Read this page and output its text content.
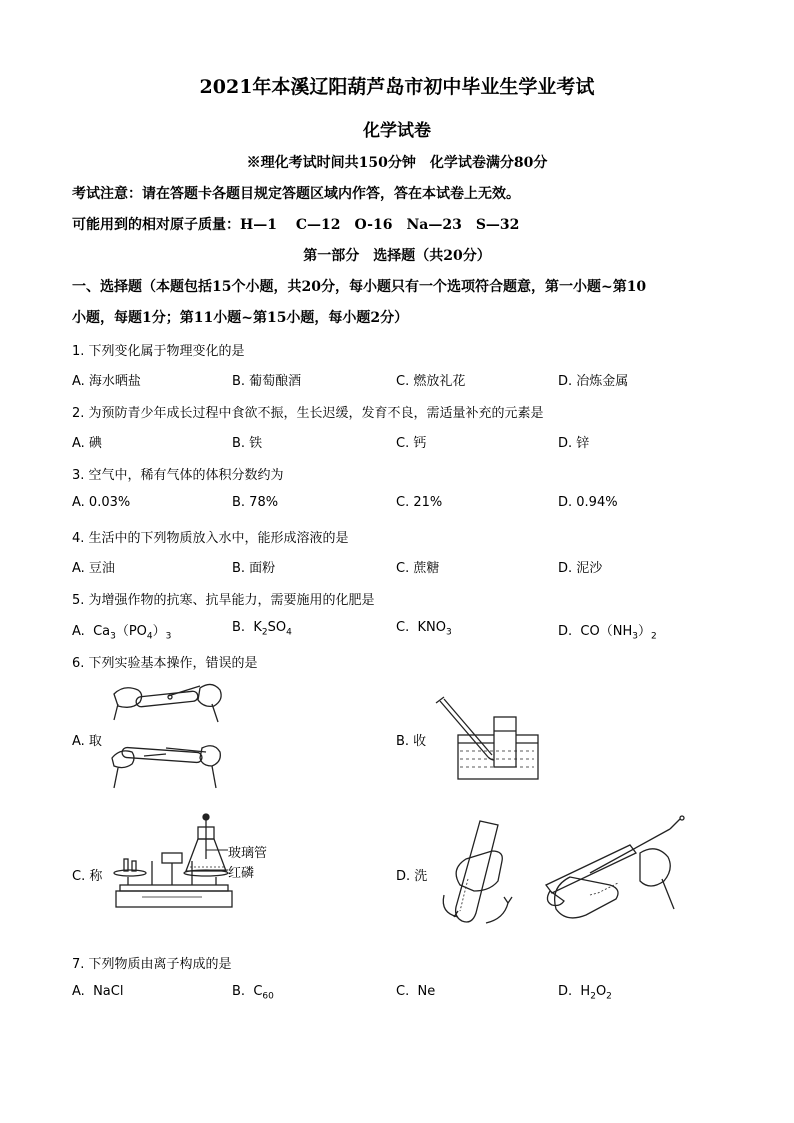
2021年本溪辽阳葫芦岛市初中毕业生学业考试
化学试卷
※理化考试时间共150分钟　化学试卷满分80分
考试注意：请在答题卡各题目规定答题区域内作答，答在本试卷上无效。
可能用到的相对原子质量：H—1　 C—12　O-16　Na—23　S—32
第一部分　选择题（共20分）
一、选择题（本题包括15个小题，共20分，每小题只有一个选项符合题意，第一小题~第10
小题，每题1分；第11小题~第15小题，每小题2分）
1. 下列变化属于物理变化的是
A. 海水晒盐	B. 葡萄酿酒	C. 燃放礼花	D. 冶炼金属
2. 为预防青少年成长过程中食欲不振，生长迟缓，发育不良，需适量补充的元素是
A. 碘	B. 铁	C. 钙	D. 锌
3. 空气中，稀有气体的体积分数约为
A. 0.03%	B. 78%	C. 21%	D. 0.94%
4. 生活中的下列物质放入水中，能形成溶液的是
A. 豆油	B. 面粉	C. 蔗糖	D. 泥沙
5. 为增强作物的抗寒、抗旱能力，需要施用的化肥是
A. $Ca_3(PO_4)_3$
B. $K_2SO_4$	C. $KNO_3$	D. $CO(NH_3)_2$
6. 下列实验基本操作，错误的是
A. 取	B. 收
C. 称	D. 洗
玻璃管
红磷
7. 下列物质由离子构成的是
A. NaCl	B. $C_{60}$	C. Ne	D. $H_2O_2$
